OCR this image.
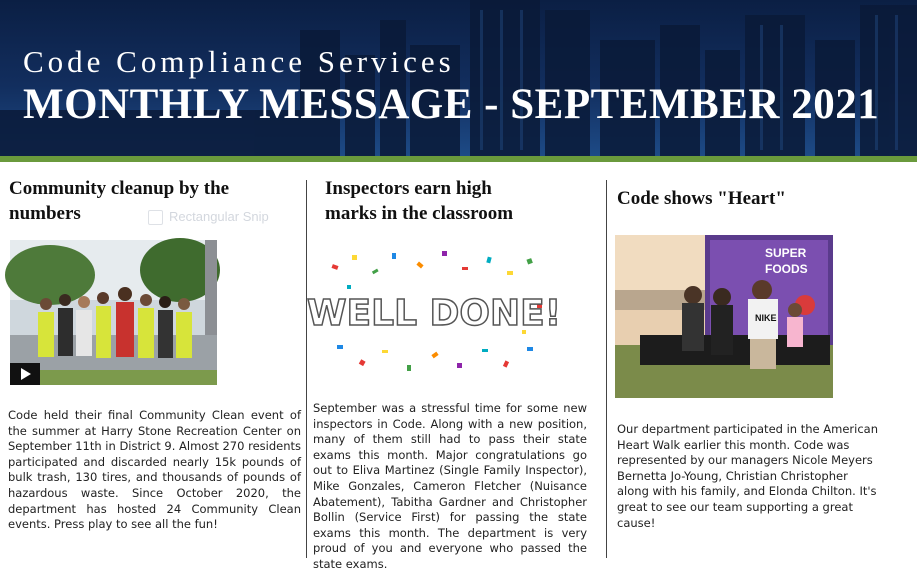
Code Compliance Services
MONTHLY MESSAGE - SEPTEMBER 2021
Rectangular Snip
Community cleanup by the
numbers
Code held their final Community Clean event of the summer at Harry Stone Recreation Center on September 11th in District 9. Almost 270 residents participated and discarded nearly 15k pounds of bulk trash, 130 tires, and thousands of pounds of hazardous waste. Since October 2020, the department has hosted 24 Community Clean events. Press play to see all the fun!
Inspectors earn high
marks in the classroom
WELL DONE!
September was a stressful time for some new inspectors in Code. Along with a new position, many of them still had to pass their state exams this month. Major congratulations go out to Eliva Martinez (Single Family Inspector), Mike Gonzales, Cameron Fletcher (Nuisance Abatement), Tabitha Gardner and Christopher Bollin (Service First) for passing the state exams this month. The department is very proud of you and everyone who passed the state exams.
Code shows "Heart"
SUPER
FOODS
NIKE
Our department participated in the American Heart Walk earlier this month. Code was represented by our managers Nicole Meyers Bernetta Jo-Young, Christian Christopher along with his family, and Elonda Chilton. It's great to see our team supporting a great cause!
